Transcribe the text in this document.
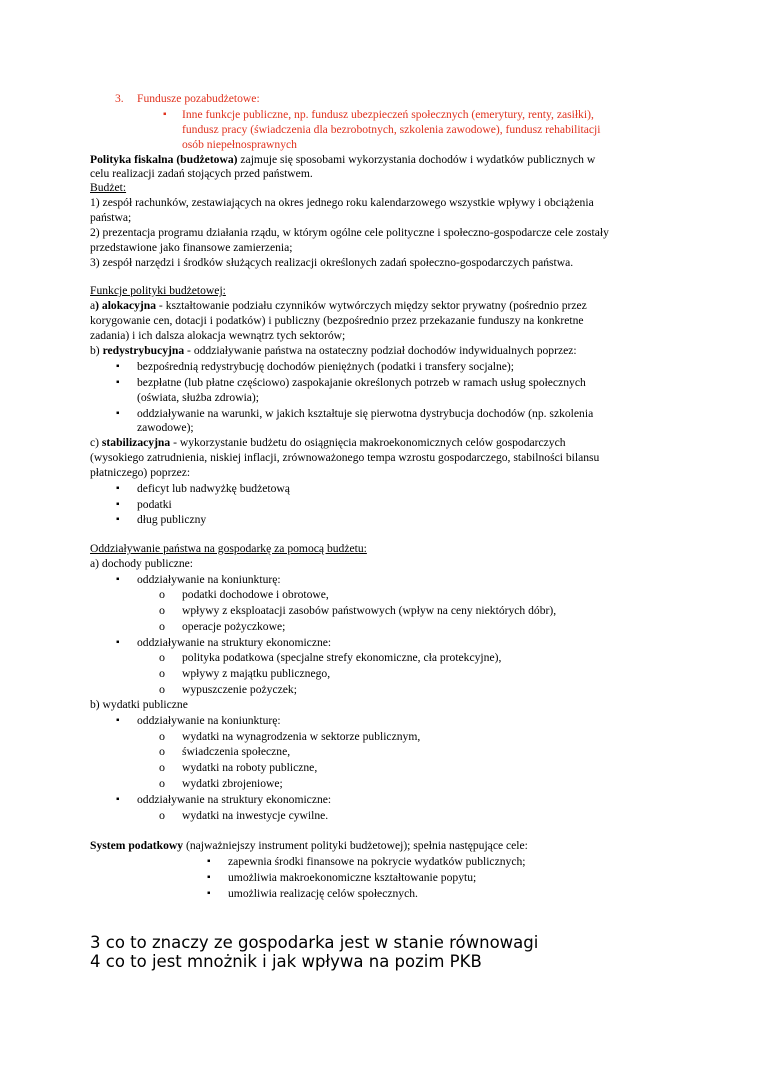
3. Fundusze pozabudżetowe:
▪ Inne funkcje publiczne, np. fundusz ubezpieczeń społecznych (emerytury, renty, zasiłki),
fundusz pracy (świadczenia dla bezrobotnych, szkolenia zawodowe), fundusz rehabilitacji
osób niepełnosprawnych
Polityka fiskalna (budżetowa) zajmuje się sposobami wykorzystania dochodów i wydatków publicznych w
celu realizacji zadań stojących przed państwem.
Budżet:
1) zespół rachunków, zestawiających na okres jednego roku kalendarzowego wszystkie wpływy i obciążenia
państwa;
2) prezentacja programu działania rządu, w którym ogólne cele polityczne i społeczno-gospodarcze cele zostały
przedstawione jako finansowe zamierzenia;
3) zespół narzędzi i środków służących realizacji określonych zadań społeczno-gospodarczych państwa.
Funkcje polityki budżetowej:
a) alokacyjna - kształtowanie podziału czynników wytwórczych między sektor prywatny (pośrednio przez
korygowanie cen, dotacji i podatków) i publiczny (bezpośrednio przez przekazanie funduszy na konkretne
zadania) i ich dalsza alokacja wewnątrz tych sektorów;
b) redystrybucyjna - oddziaływanie państwa na ostateczny podział dochodów indywidualnych poprzez:
▪ bezpośrednią redystrybucję dochodów pieniężnych (podatki i transfery socjalne);
▪ bezpłatne (lub płatne częściowo) zaspokajanie określonych potrzeb w ramach usług społecznych
(oświata, służba zdrowia);
▪ oddziaływanie na warunki, w jakich kształtuje się pierwotna dystrybucja dochodów (np. szkolenia
zawodowe);
c) stabilizacyjna - wykorzystanie budżetu do osiągnięcia makroekonomicznych celów gospodarczych
(wysokiego zatrudnienia, niskiej inflacji, zrównoważonego tempa wzrostu gospodarczego, stabilności bilansu
płatniczego) poprzez:
▪ deficyt lub nadwyżkę budżetową
▪ podatki
▪ dług publiczny
Oddziaływanie państwa na gospodarkę za pomocą budżetu:
a) dochody publiczne:
▪ oddziaływanie na koniunkturę:
o podatki dochodowe i obrotowe,
o wpływy z eksploatacji zasobów państwowych (wpływ na ceny niektórych dóbr),
o operacje pożyczkowe;
▪ oddziaływanie na struktury ekonomiczne:
o polityka podatkowa (specjalne strefy ekonomiczne, cła protekcyjne),
o wpływy z majątku publicznego,
o wypuszczenie pożyczek;
b) wydatki publiczne
▪ oddziaływanie na koniunkturę:
o wydatki na wynagrodzenia w sektorze publicznym,
o świadczenia społeczne,
o wydatki na roboty publiczne,
o wydatki zbrojeniowe;
▪ oddziaływanie na struktury ekonomiczne:
o wydatki na inwestycje cywilne.
System podatkowy (najważniejszy instrument polityki budżetowej); spełnia następujące cele:
▪ zapewnia środki finansowe na pokrycie wydatków publicznych;
▪ umożliwia makroekonomiczne kształtowanie popytu;
▪ umożliwia realizację celów społecznych.
3 co to znaczy ze gospodarka jest w stanie równowagi
4 co to jest mnożnik i jak wpływa na pozim PKB
